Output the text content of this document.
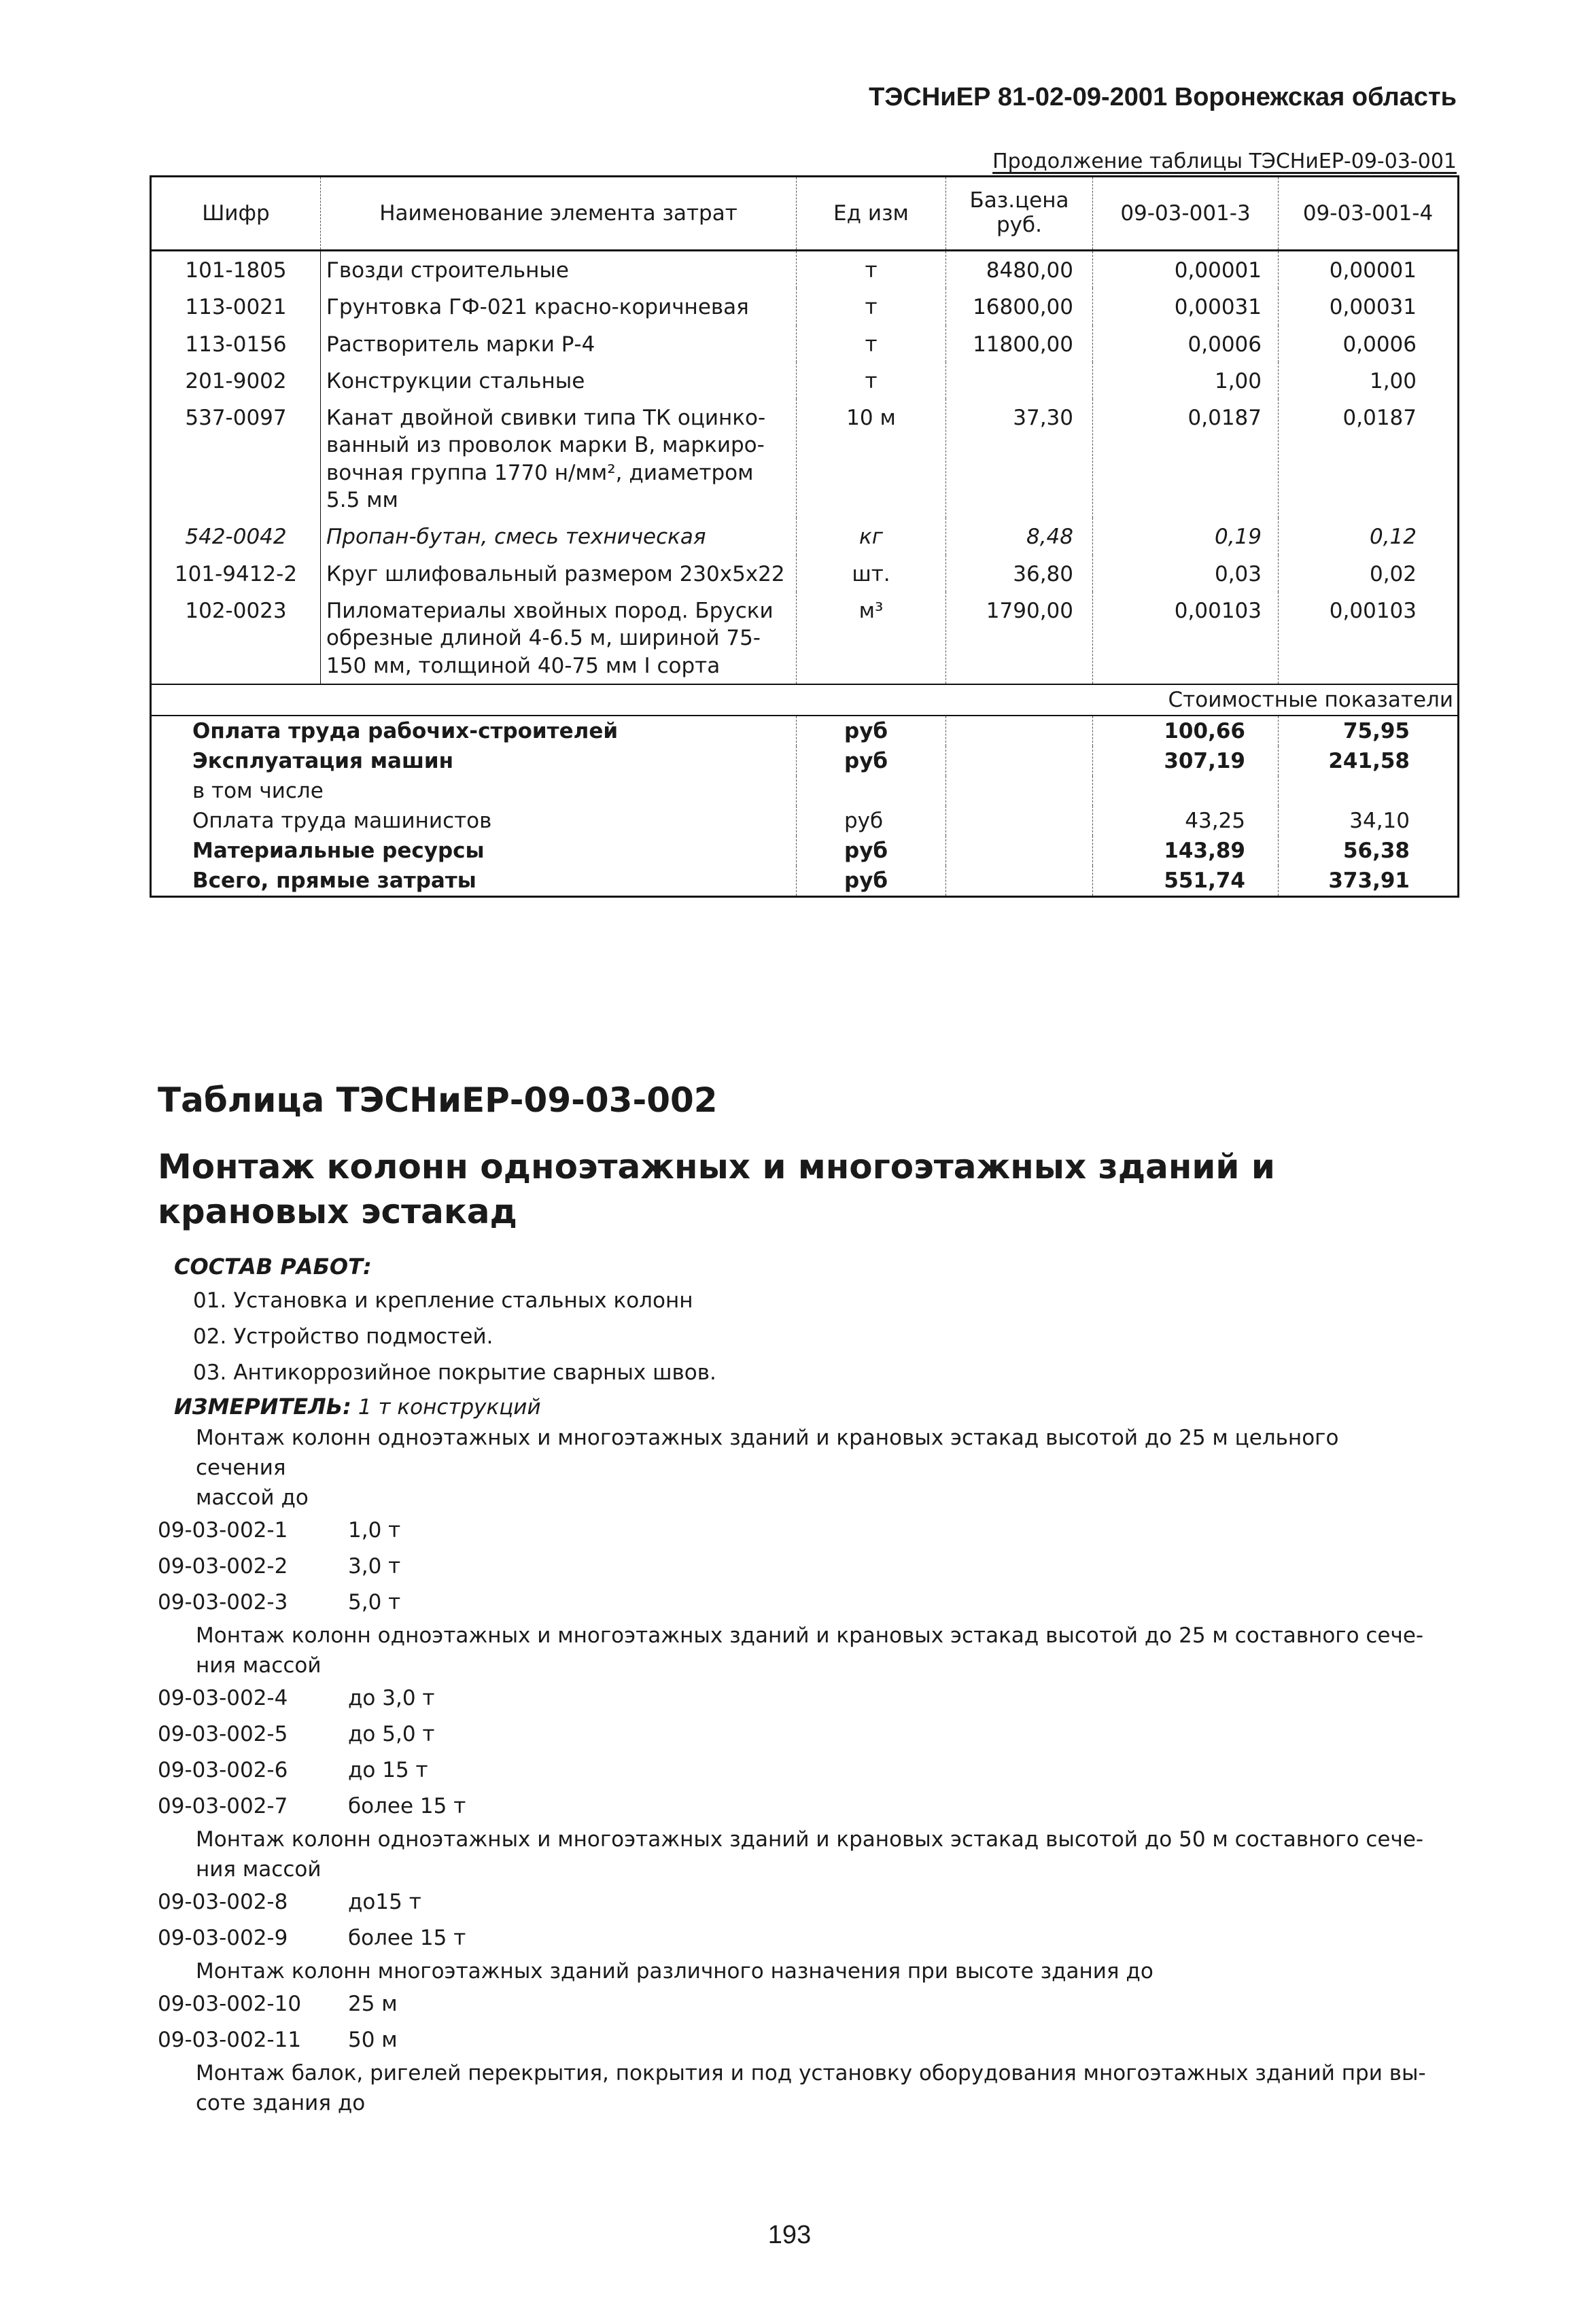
ТЭСНиЕР 81-02-09-2001 Воронежская область
Продолжение таблицы ТЭСНиЕР-09-03-001
Шифр	Наименование элемента затрат	Ед изм	Баз.цена руб.	09-03-001-3	09-03-001-4
101-1805	Гвозди строительные	т	8480,00	0,00001	0,00001
113-0021	Грунтовка ГФ-021 красно-коричневая	т	16800,00	0,00031	0,00031
113-0156	Растворитель марки Р-4	т	11800,00	0,0006	0,0006
201-9002	Конструкции стальные	т		1,00	1,00
537-0097	Канат двойной свивки типа ТК оцинко-ванный из проволок марки В, маркиро-вочная группа 1770 н/мм², диаметром 5.5 мм	10 м	37,30	0,0187	0,0187
542-0042	Пропан-бутан, смесь техническая	кг	8,48	0,19	0,12
101-9412-2	Круг шлифовальный размером 230х5х22	шт.	36,80	0,03	0,02
102-0023	Пиломатериалы хвойных пород. Бруски обрезные длиной 4-6.5 м, шириной 75-150 мм, толщиной 40-75 мм I сорта	м³	1790,00	0,00103	0,00103
Стоимостные показатели					
Оплата труда рабочих-строителей		руб		100,66	75,95
Эксплуатация машин		руб		307,19	241,58
в том числе					
Оплата труда машинистов		руб		43,25	34,10
Материальные ресурсы		руб		143,89	56,38
Всего, прямые затраты		руб		551,74	373,91
Таблица ТЭСНиЕР-09-03-002
Монтаж колонн одноэтажных и многоэтажных зданий и крановых эстакад
СОСТАВ РАБОТ:
01. Установка и крепление стальных колонн
02. Устройство подмостей.
03. Антикоррозийное покрытие сварных швов.
ИЗМЕРИТЕЛЬ: 1 т конструкций
Монтаж колонн одноэтажных и многоэтажных зданий и крановых эстакад высотой до 25 м цельного сечения
массой до
09-03-002-1	1,0 т
09-03-002-2	3,0 т
09-03-002-3	5,0 т
Монтаж колонн одноэтажных и многоэтажных зданий и крановых эстакад высотой до 25 м составного сече-
ния массой
09-03-002-4	до 3,0 т
09-03-002-5	до 5,0 т
09-03-002-6	до 15 т
09-03-002-7	более 15 т
Монтаж колонн одноэтажных и многоэтажных зданий и крановых эстакад высотой до 50 м составного сече-
ния массой
09-03-002-8	до15 т
09-03-002-9	более 15 т
Монтаж колонн многоэтажных зданий различного назначения при высоте здания до
09-03-002-10	25 м
09-03-002-11	50 м
Монтаж балок, ригелей перекрытия, покрытия и под установку оборудования многоэтажных зданий при вы-
соте здания до
193
